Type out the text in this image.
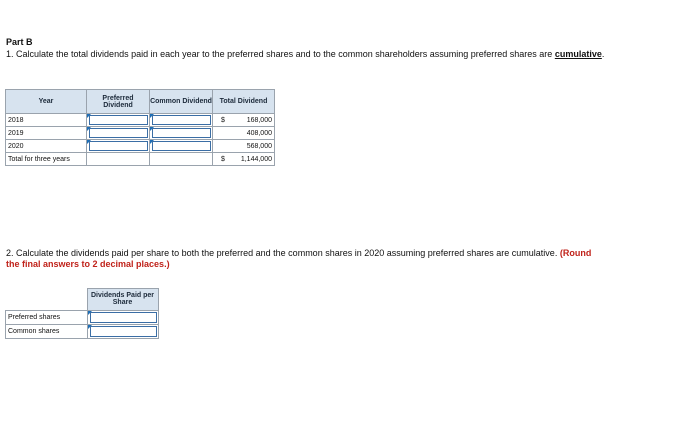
Part B
1. Calculate the total dividends paid in each year to the preferred shares and to the common shareholders assuming preferred shares are cumulative.
Year	Preferred Dividend	Common Dividend	Total Dividend
2018			$ 168,000

2019			408,000

2020			568,000

Total for three years			$ 1,144,000
2. Calculate the dividends paid per share to both the preferred and the common shares in 2020 assuming preferred shares are cumulative. (Round the final answers to 2 decimal places.)
	Dividends Paid per Share
Preferred shares	

Common shares	
